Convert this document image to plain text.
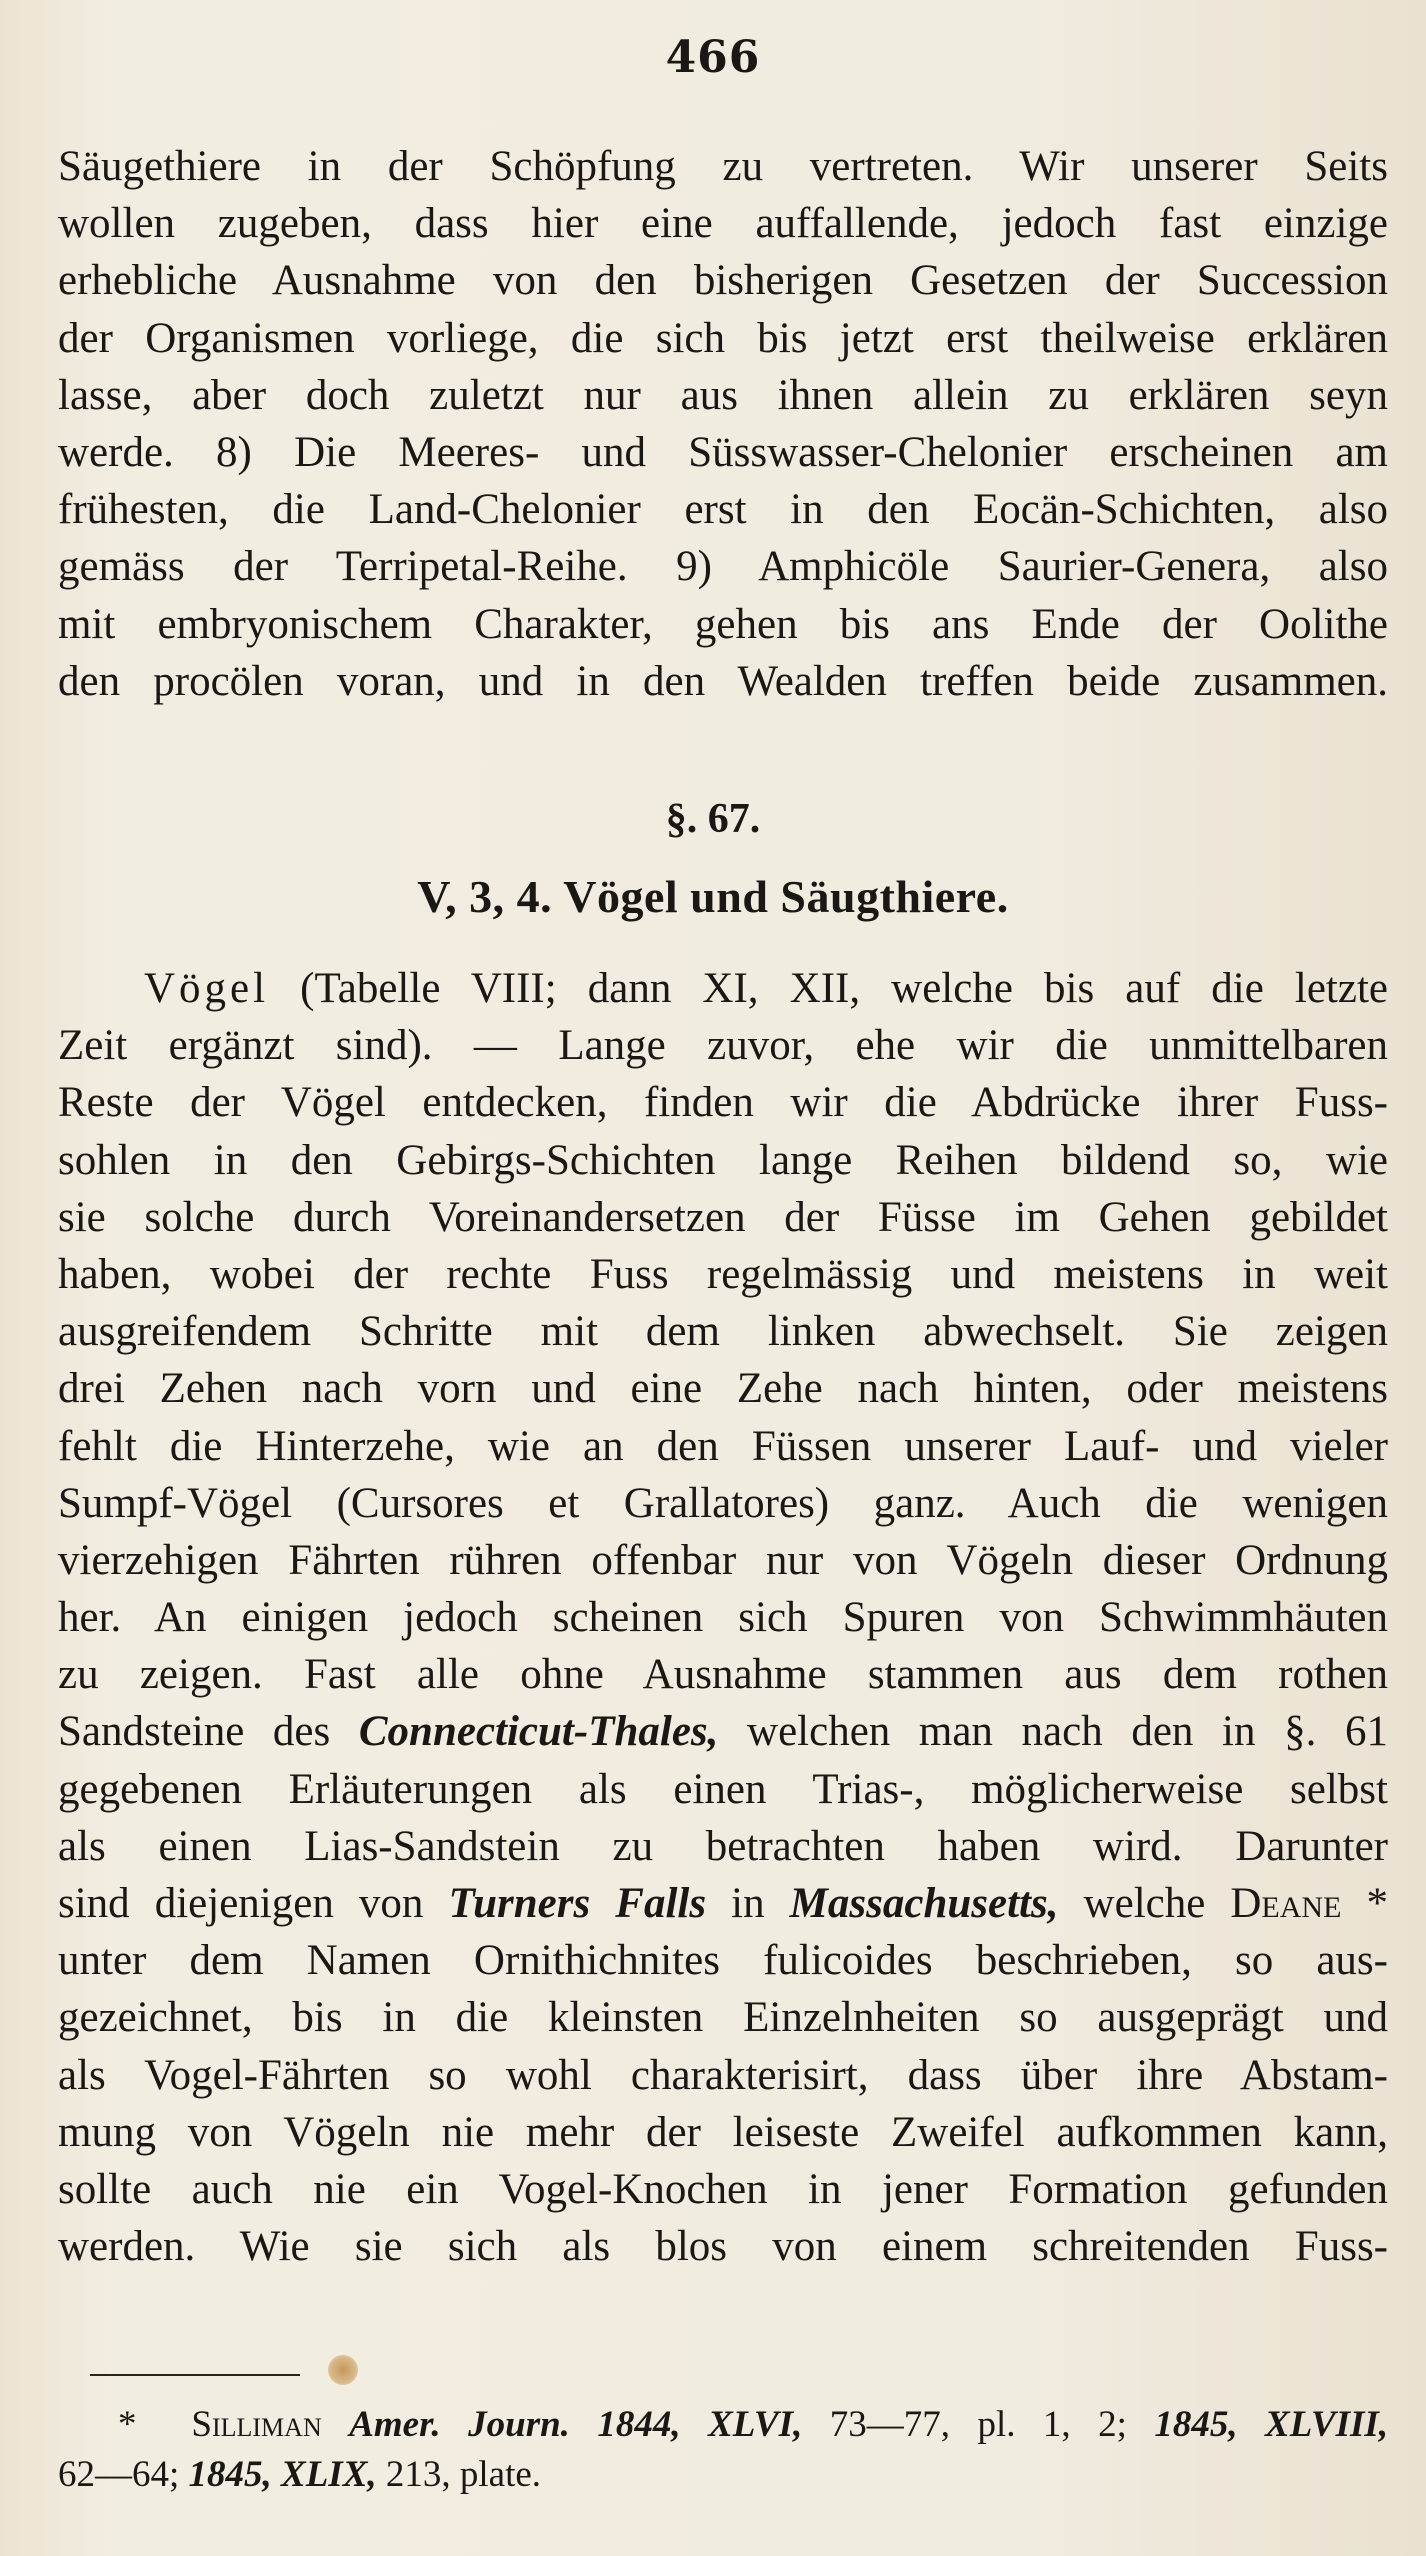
466
Säugethiere in der Schöpfung zu vertreten. Wir unserer Seits
wollen zugeben, dass hier eine auffallende, jedoch fast einzige
erhebliche Ausnahme von den bisherigen Gesetzen der Succession
der Organismen vorliege, die sich bis jetzt erst theilweise erklären
lasse, aber doch zuletzt nur aus ihnen allein zu erklären seyn
werde. 8) Die Meeres- und Süsswasser-Chelonier erscheinen am
frühesten, die Land-Chelonier erst in den Eocän-Schichten, also
gemäss der Terripetal-Reihe. 9) Amphicöle Saurier-Genera, also
mit embryonischem Charakter, gehen bis ans Ende der Oolithe
den procölen voran, und in den Wealden treffen beide zusammen.
§. 67.
V, 3, 4. Vögel und Säugthiere.
Vögel (Tabelle VIII; dann XI, XII, welche bis auf die letzte
Zeit ergänzt sind). — Lange zuvor, ehe wir die unmittelbaren
Reste der Vögel entdecken, finden wir die Abdrücke ihrer Fuss-
sohlen in den Gebirgs-Schichten lange Reihen bildend so, wie
sie solche durch Voreinandersetzen der Füsse im Gehen gebildet
haben, wobei der rechte Fuss regelmässig und meistens in weit
ausgreifendem Schritte mit dem linken abwechselt. Sie zeigen
drei Zehen nach vorn und eine Zehe nach hinten, oder meistens
fehlt die Hinterzehe, wie an den Füssen unserer Lauf- und vieler
Sumpf-Vögel (Cursores et Grallatores) ganz. Auch die wenigen
vierzehigen Fährten rühren offenbar nur von Vögeln dieser Ordnung
her. An einigen jedoch scheinen sich Spuren von Schwimmhäuten
zu zeigen. Fast alle ohne Ausnahme stammen aus dem rothen
Sandsteine des Connecticut-Thales, welchen man nach den in §. 61
gegebenen Erläuterungen als einen Trias-, möglicherweise selbst
als einen Lias-Sandstein zu betrachten haben wird. Darunter
sind diejenigen von Turners Falls in Massachusetts, welche Deane *
unter dem Namen Ornithichnites fulicoides beschrieben, so aus-
gezeichnet, bis in die kleinsten Einzelnheiten so ausgeprägt und
als Vogel-Fährten so wohl charakterisirt, dass über ihre Abstam-
mung von Vögeln nie mehr der leiseste Zweifel aufkommen kann,
sollte auch nie ein Vogel-Knochen in jener Formation gefunden
werden. Wie sie sich als blos von einem schreitenden Fuss-
* Silliman Amer. Journ. 1844, XLVI, 73—77, pl. 1, 2; 1845, XLVIII,
62—64; 1845, XLIX, 213, plate.
